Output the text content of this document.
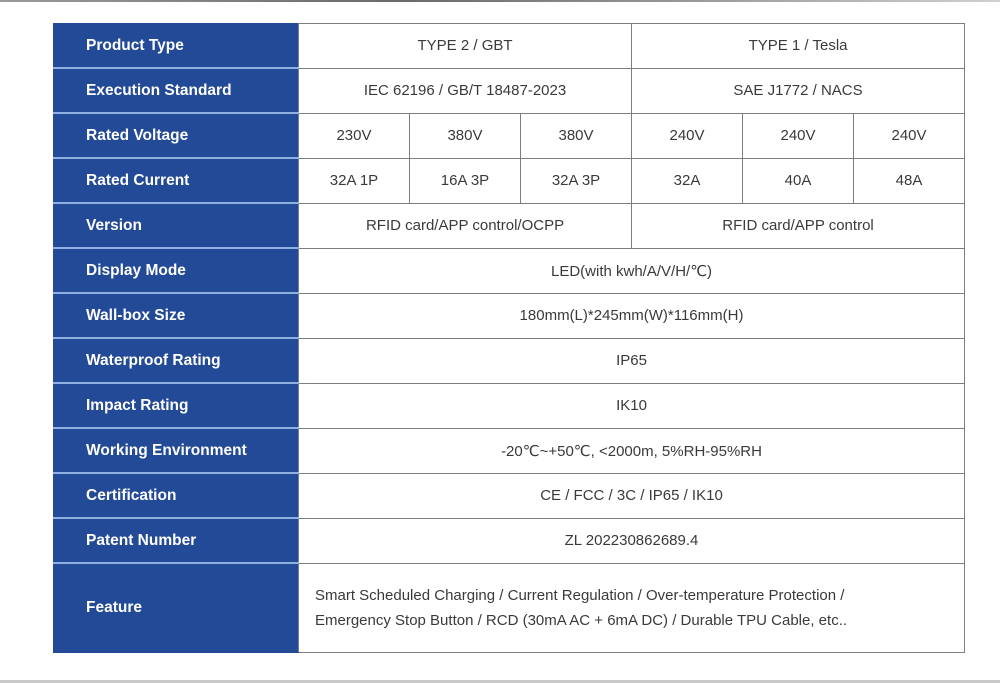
Product Type	TYPE 2 / GBT			TYPE 1 / Tesla		
Execution Standard	IEC 62196 / GB/T 18487-2023			SAE J1772 / NACS		
Rated Voltage	230V	380V	380V	240V	240V	240V
Rated Current	32A 1P	16A 3P	32A 3P	32A	40A	48A
Version	RFID card/APP control/OCPP			RFID card/APP control		
Display Mode	LED(with kwh/A/V/H/℃)					
Wall-box Size	180mm(L)*245mm(W)*116mm(H)					
Waterproof Rating	IP65					
Impact Rating	IK10					
Working Environment	-20℃~+50℃, <2000m, 5%RH-95%RH					
Certification	CE / FCC / 3C / IP65 / IK10					
Patent Number	ZL 202230862689.4					
Feature	Smart Scheduled Charging / Current Regulation / Over-temperature Protection /
Emergency Stop Button / RCD (30mA AC + 6mA DC) / Durable TPU Cable, etc..					
